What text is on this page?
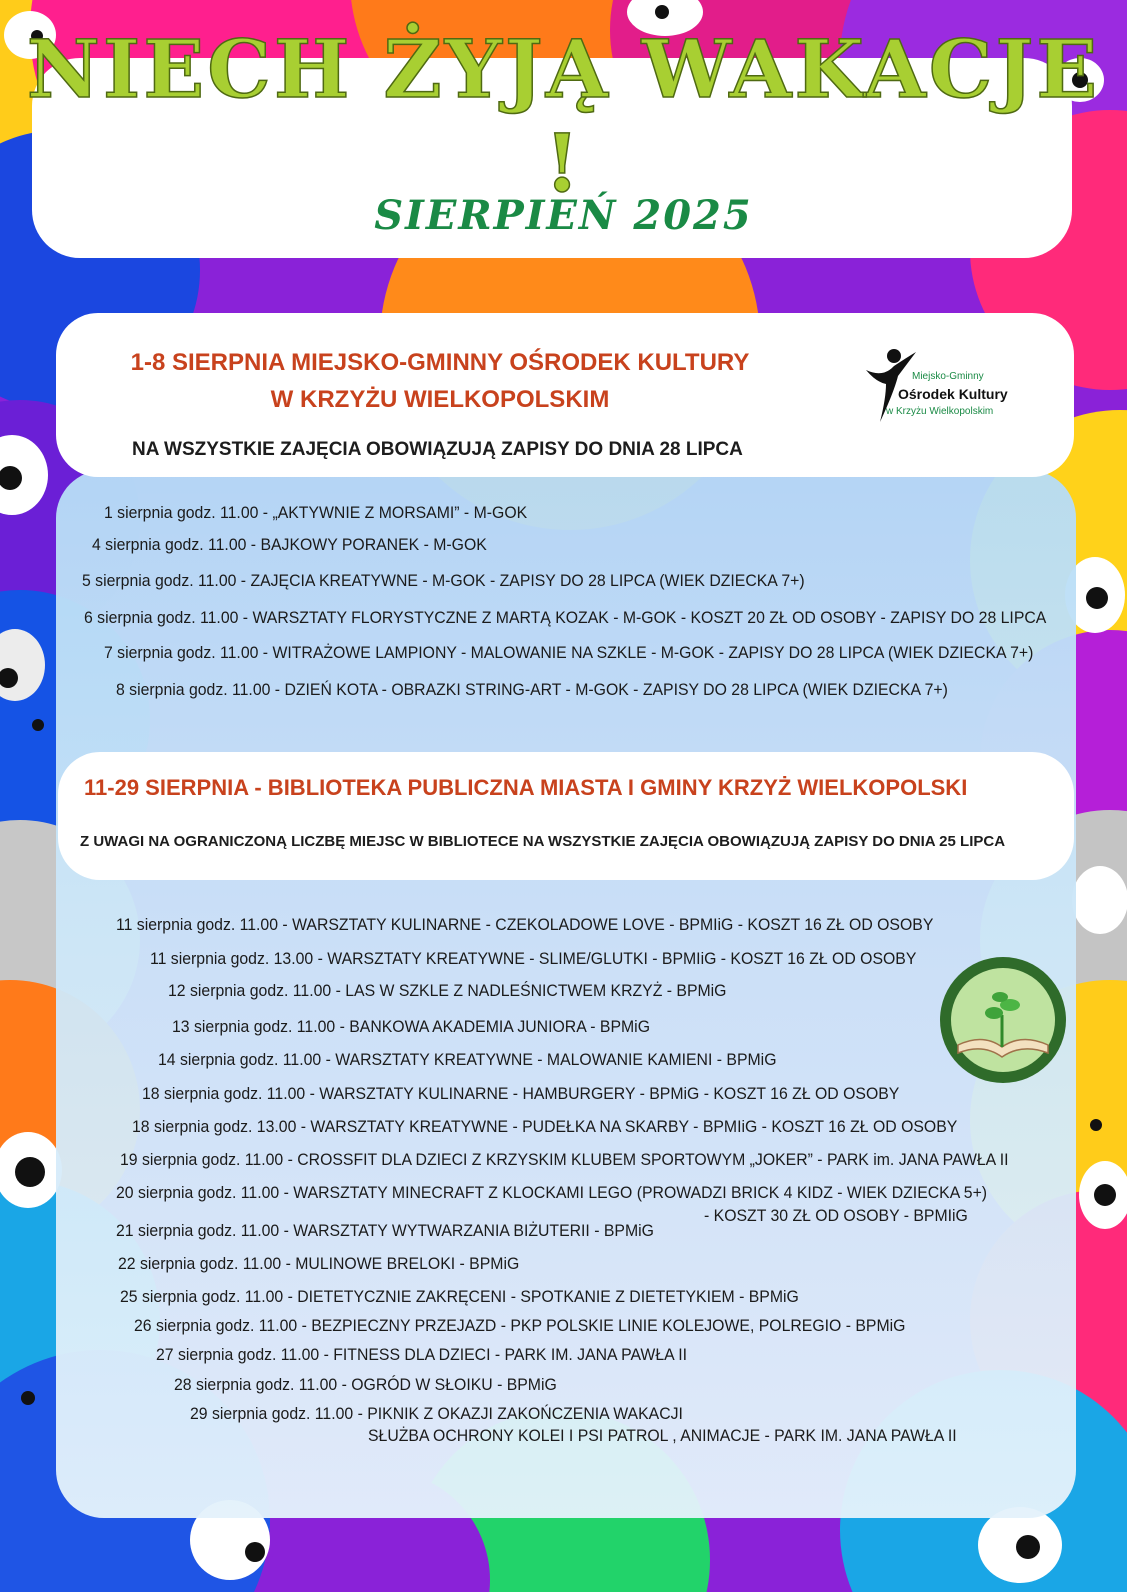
NIECH ŻYJĄ WAKACJE !
SIERPIEŃ 2025
1-8 SIERPNIA MIEJSKO-GMINNY OŚRODEK KULTURY
W KRZYŻU WIELKOPOLSKIM
NA WSZYSTKIE ZAJĘCIA OBOWIĄZUJĄ ZAPISY DO DNIA 28 LIPCA
Miejsko-Gminny
Ośrodek Kultury
w Krzyżu Wielkopolskim
1 sierpnia godz. 11.00 - „AKTYWNIE Z MORSAMI” - M-GOK
4 sierpnia godz. 11.00 - BAJKOWY PORANEK - M-GOK
5 sierpnia godz. 11.00 - ZAJĘCIA KREATYWNE - M-GOK - ZAPISY DO 28 LIPCA (WIEK DZIECKA 7+)
6 sierpnia godz. 11.00 - WARSZTATY FLORYSTYCZNE Z MARTĄ KOZAK - M-GOK - KOSZT 20 ZŁ OD OSOBY - ZAPISY DO 28 LIPCA
7 sierpnia godz. 11.00 - WITRAŻOWE LAMPIONY - MALOWANIE NA SZKLE - M-GOK - ZAPISY DO 28 LIPCA (WIEK DZIECKA 7+)
8 sierpnia godz. 11.00 - DZIEŃ KOTA - OBRAZKI STRING-ART - M-GOK - ZAPISY DO 28 LIPCA (WIEK DZIECKA 7+)
11-29 SIERPNIA - BIBLIOTEKA PUBLICZNA MIASTA I GMINY KRZYŻ WIELKOPOLSKI
Z UWAGI NA OGRANICZONĄ LICZBĘ MIEJSC W BIBLIOTECE NA WSZYSTKIE ZAJĘCIA OBOWIĄZUJĄ ZAPISY DO DNIA 25 LIPCA
11 sierpnia godz. 11.00 - WARSZTATY KULINARNE - CZEKOLADOWE LOVE - BPMIiG - KOSZT 16 ZŁ OD OSOBY
11 sierpnia godz. 13.00 - WARSZTATY KREATYWNE - SLIME/GLUTKI - BPMIiG - KOSZT 16 ZŁ OD OSOBY
12 sierpnia godz. 11.00 - LAS W SZKLE Z NADLEŚNICTWEM KRZYŻ - BPMiG
13 sierpnia godz. 11.00 - BANKOWA AKADEMIA JUNIORA - BPMiG
14 sierpnia godz. 11.00 - WARSZTATY KREATYWNE - MALOWANIE KAMIENI - BPMiG
18 sierpnia godz. 11.00 - WARSZTATY KULINARNE - HAMBURGERY - BPMiG - KOSZT 16 ZŁ OD OSOBY
18 sierpnia godz. 13.00 - WARSZTATY KREATYWNE - PUDEŁKA NA SKARBY - BPMIiG - KOSZT 16 ZŁ OD OSOBY
19 sierpnia godz. 11.00 - CROSSFIT DLA DZIECI Z KRZYSKIM KLUBEM SPORTOWYM „JOKER” - PARK im. JANA PAWŁA II
20 sierpnia godz. 11.00 - WARSZTATY MINECRAFT Z KLOCKAMI LEGO (PROWADZI BRICK 4 KIDZ - WIEK DZIECKA 5+)
- KOSZT 30 ZŁ OD OSOBY - BPMIiG
21 sierpnia godz. 11.00 - WARSZTATY WYTWARZANIA BIŻUTERII - BPMiG
22 sierpnia godz. 11.00 - MULINOWE BRELOKI - BPMiG
25 sierpnia godz. 11.00 - DIETETYCZNIE ZAKRĘCENI - SPOTKANIE Z DIETETYKIEM - BPMiG
26 sierpnia godz. 11.00 - BEZPIECZNY PRZEJAZD - PKP POLSKIE LINIE KOLEJOWE, POLREGIO - BPMiG
27 sierpnia godz. 11.00 - FITNESS DLA DZIECI - PARK IM. JANA PAWŁA II
28 sierpnia godz. 11.00 - OGRÓD W SŁOIKU - BPMiG
29 sierpnia godz. 11.00 - PIKNIK Z OKAZJI ZAKOŃCZENIA WAKACJI
SŁUŻBA OCHRONY KOLEI I PSI PATROL , ANIMACJE - PARK IM. JANA PAWŁA II
